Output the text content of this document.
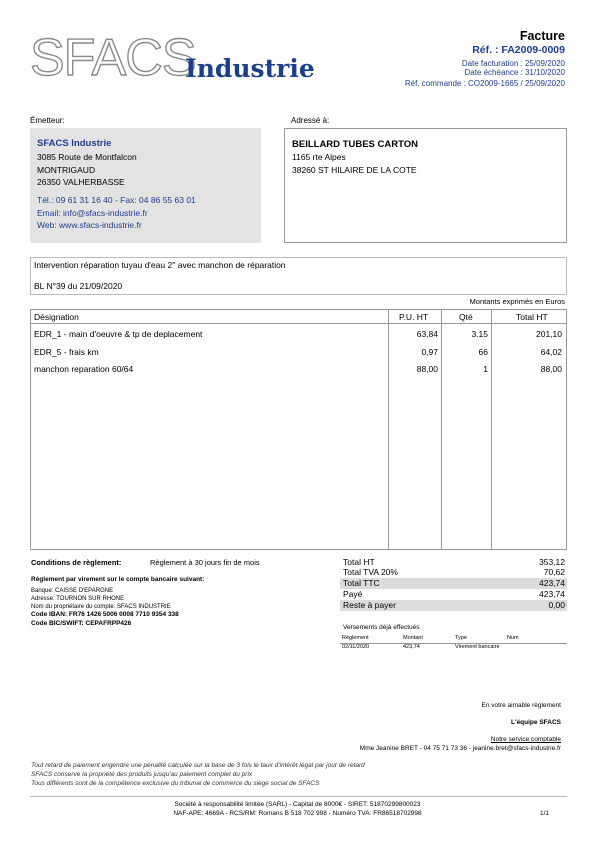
SFACS
Industrie
Facture
Réf. : FA2009-0009
Date facturation : 25/09/2020
Date échéance : 31/10/2020
Réf. commande : CO2009-1665 / 25/09/2020
Émetteur:
SFACS Industrie
3085 Route de Montfalcon
MONTRIGAUD
26350 VALHERBASSE
Tél.: 09 61 31 16 40 - Fax: 04 86 55 63 01
Email: info@sfacs-industrie.fr
Web: www.sfacs-industrie.fr
Adressé à:
BEILLARD TUBES CARTON
1165 rte Alpes
38260 ST HILAIRE DE LA COTE
Intervention réparation tuyau d'eau 2'' avec manchon de réparation
BL N°39 du 21/09/2020
Montants exprimés en Euros
Désignation	P.U. HT	Qté	Total HT
EDR_1 - main d'oeuvre & tp de deplacement	63,84	3.15	201,10
EDR_5 - frais km	0,97	66	64,02
manchon reparation 60/64	88,00	1	88,00
Conditions de règlement:	Règlement à 30 jours fin de mois
Règlement par virement sur le compte bancaire suivant:
Banque: CAISSE D'EPARGNE
Adresse: TOURNON SUR RHONE
Nom du propriétaire du compte: SFACS INDUSTRIE
Code IBAN: FR76 1426 5006 0008 7710 9354 338
Code BIC/SWIFT: CEPAFRPP426
Total HT	353,12
Total TVA 20%	70,62
Total TTC	423,74
Payé	423,74
Reste à payer	0,00
Versements déjà effectués
Règlement	Montant	Type	Num
02/11/2020	423,74	Virement bancaire
En votre aimable règlement
L'équipe SFACS
Notre service comptable
Mme Jeanine BRET - 04 75 71 73 36 - jeanine.bret@sfacs-industrie.fr
Tout retard de paiement engendre une pénalité calculée sur la base de 3 fois le taux d'intérêt légal par jour de retard
SFACS conserve la propriété des produits jusqu'au paiement complet du prix
Tous différents sont de la compétence exclusive du tribunal de commerce du siège social de SFACS
Société à responsabilité limitée (SARL) - Capital de 8000€ - SIRET: 51870299800023
NAF-APE: 4669A - RCS/RM: Romans B 518 702 998 - Numéro TVA: FR86518702998	1/1
